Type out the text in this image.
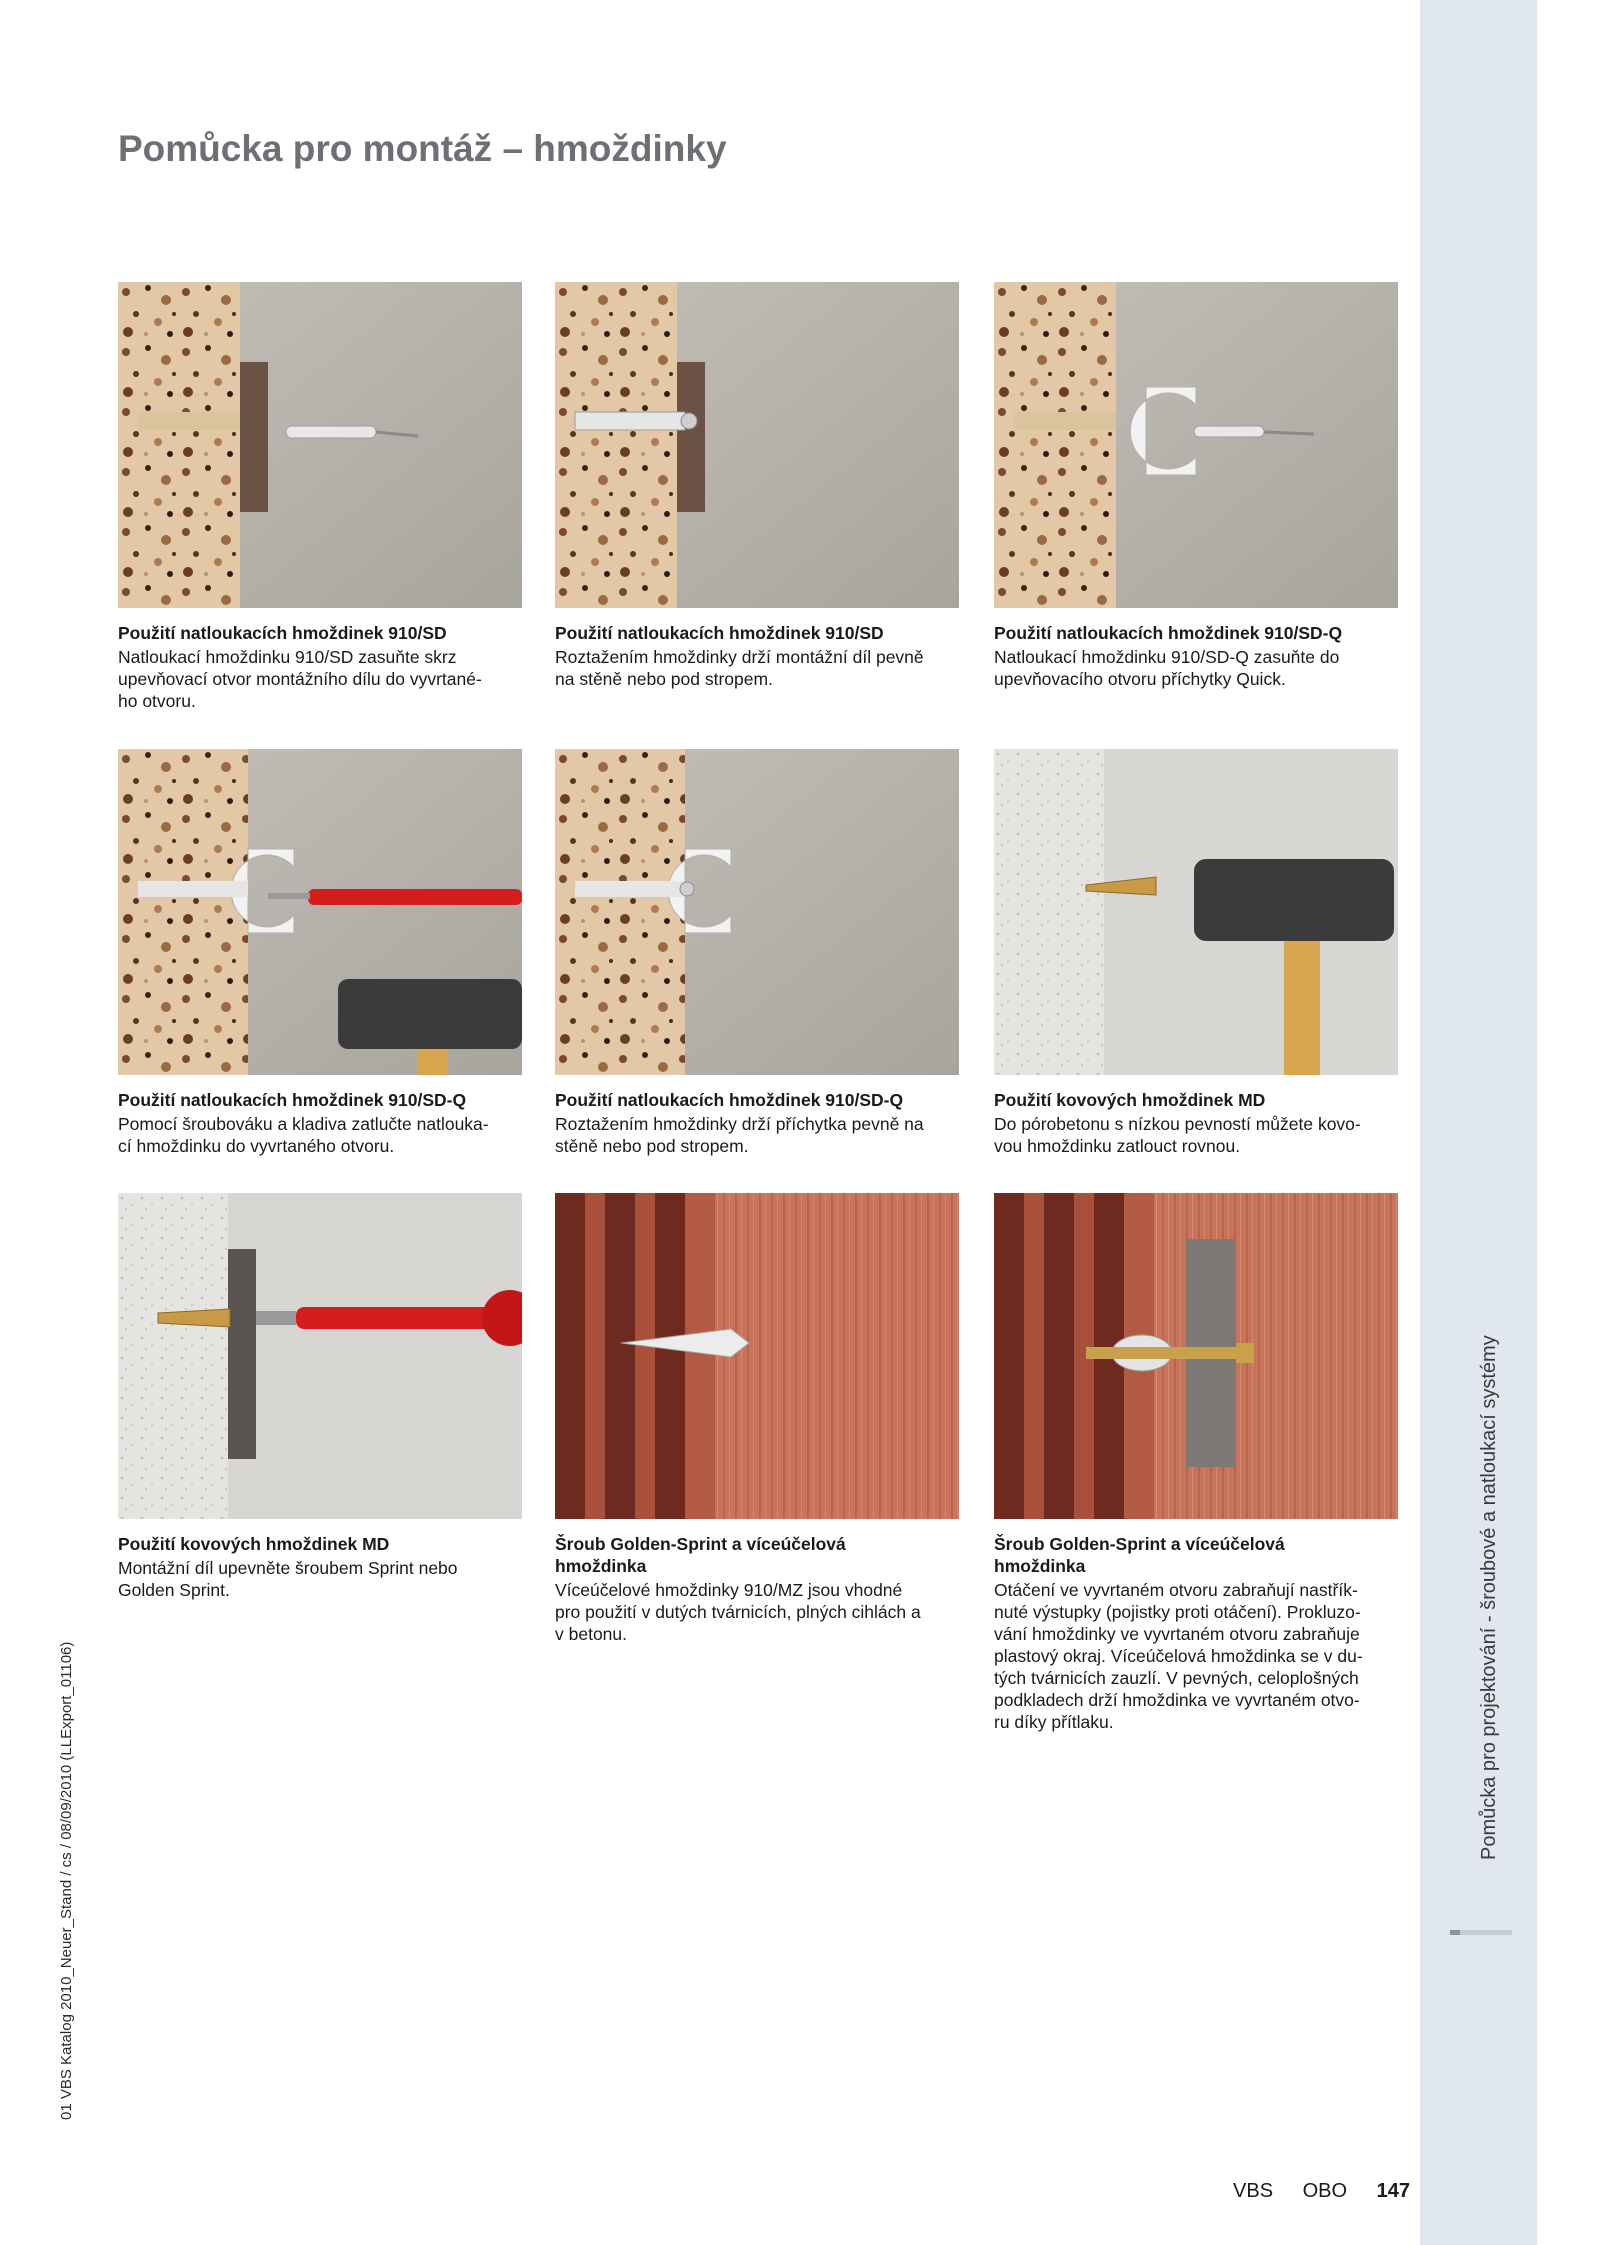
Pomůcka pro projektování - šroubové a natloukací systémy
01 VBS Katalog 2010_Neuer_Stand / cs / 08/09/2010 (LLExport_01106)
Pomůcka pro montáž – hmoždinky

Použití natloukacích hmoždinek 910/SD

Natloukací hmoždinku 910/SD zasuňte skrz
upevňovací otvor montážního dílu do vyvrtané-
ho otvoru.

Použití natloukacích hmoždinek 910/SD

Roztažením hmoždinky drží montážní díl pevně
na stěně nebo pod stropem.

Použití natloukacích hmoždinek 910/SD-Q

Natloukací hmoždinku 910/SD-Q zasuňte do
upevňovacího otvoru příchytky Quick.

Použití natloukacích hmoždinek 910/SD-Q

Pomocí šroubováku a kladiva zatlučte natlouka-
cí hmoždinku do vyvrtaného otvoru.

Použití natloukacích hmoždinek 910/SD-Q

Roztažením hmoždinky drží příchytka pevně na
stěně nebo pod stropem.

Použití kovových hmoždinek MD

Do pórobetonu s nízkou pevností můžete kovo-
vou hmoždinku zatlouct rovnou.

Použití kovových hmoždinek MD

Montážní díl upevněte šroubem Sprint nebo
Golden Sprint.

Šroub Golden-Sprint a víceúčelová
hmoždinka

Víceúčelové hmoždinky 910/MZ jsou vhodné
pro použití v dutých tvárnicích, plných cihlách a
v betonu.

Šroub Golden-Sprint a víceúčelová
hmoždinka

Otáčení ve vyvrtaném otvoru zabraňují nastřík-
nuté výstupky (pojistky proti otáčení). Prokluzo-
vání hmoždinky ve vyvrtaném otvoru zabraňuje
plastový okraj. Víceúčelová hmoždinka se v du-
tých tvárnicích zauzlí. V pevných, celoplošných
podkladech drží hmoždinka ve vyvrtaném otvo-
ru díky přítlaku.

VBS OBO 147
